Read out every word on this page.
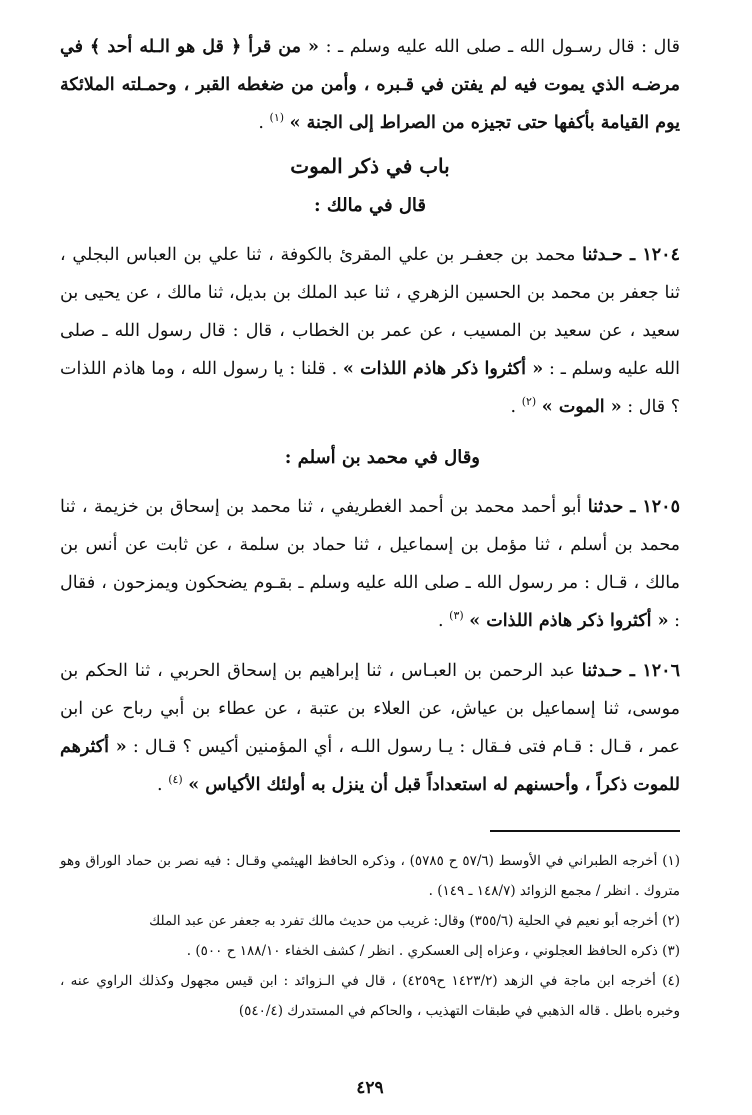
قال : قال رسـول الله ـ صلى الله عليه وسلم ـ : « من قرأ ﴿ قل هو الـله أحد ﴾ في مرضـه الذي يموت فيه لم يفتن في قـبره ، وأمن من ضغطه القبر ، وحمـلته الملائكة يوم القيامة بأكفها حتى تجيزه من الصراط إلى الجنة » $^{(١)}$ .

باب في ذكر الموت
قال في مالك :

١٢٠٤ ـ حـدثنا محمد بن جعفـر بن علي المقرئ بالكوفة ، ثنا علي بن العباس البجلي ، ثنا جعفر بن محمد بن الحسين الزهري ، ثنا عبد الملك بن بديل، ثنا مالك ، عن يحيى بن سعيد ، عن سعيد بن المسيب ، عن عمر بن الخطاب ، قال : قال رسول الله ـ صلى الله عليه وسلم ـ : « أكثروا ذكر هاذم اللذات » . قلنا : يا رسول الله ، وما هاذم اللذات ؟ قال : « الموت » $^{(٢)}$ .

وقال في محمد بن أسلم :

١٢٠٥ ـ حدثنا أبو أحمد محمد بن أحمد الغطريفي ، ثنا محمد بن إسحاق بن خزيمة ، ثنا محمد بن أسلم ، ثنا مؤمل بن إسماعيل ، ثنا حماد بن سلمة ، عن ثابت عن أنس بن مالك ، قـال : مر رسول الله ـ صلى الله عليه وسلم ـ بقـوم يضحكون ويمزحون ، فقال : « أكثروا ذكر هاذم اللذات » $^{(٣)}$ .

١٢٠٦ ـ حـدثنا عبد الرحمن بن العبـاس ، ثنا إبراهيم بن إسحاق الحربي ، ثنا الحكم بن موسى، ثنا إسماعيل بن عياش، عن العلاء بن عتبة ، عن عطاء بن أبي رباح عن ابن عمر ، قـال : قـام فتى فـقال : يـا رسول اللـه ، أي المؤمنين أكيس ؟ قـال : « أكثرهم للموت ذكراً ، وأحسنهم له استعداداً قبل أن ينزل به أولئك الأكياس » $^{(٤)}$ .

(١) أخرجه الطبراني في الأوسط (٥٧/٦ ح ٥٧٨٥) ، وذكره الحافظ الهيثمي وقـال : فيه نصر بن حماد الوراق وهو متروك . انظر / مجمع الزوائد (١٤٨/٧ ـ ١٤٩) .

(٢) أخرجه أبو نعيم في الحلية (٣٥٥/٦) وقال: غريب من حديث مالك تفرد به جعفر عن عبد الملك

(٣) ذكره الحافظ العجلوني ، وعزاه إلى العسكري . انظر / كشف الخفاء ١٨٨/١٠ ح ٥٠٠) .

(٤) أخرجه ابن ماجة في الزهد (١٤٢٣/٢ ح٤٢٥٩) ، قال في الـزوائد : ابن قيس مجهول وكذلك الراوي عنه ، وخبره باطل . قاله الذهبي في طبقات التهذيب ، والحاكم في المستدرك (٥٤٠/٤)

٤٢٩
